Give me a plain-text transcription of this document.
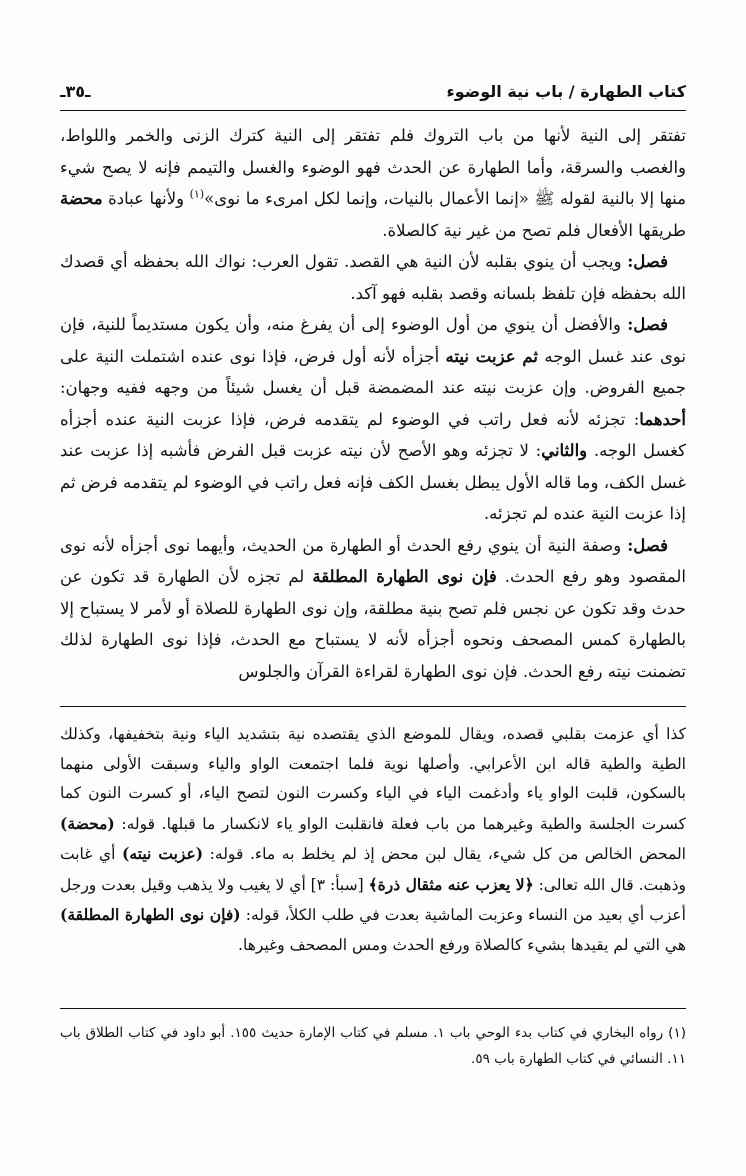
كتاب الطهارة / باب نية الوضوء
ـ٣٥ـ

تفتقر إلى النية لأنها من باب التروك فلم تفتقر إلى النية كترك الزنى والخمر واللواط، والغصب والسرقة، وأما الطهارة عن الحدث فهو الوضوء والغسل والتيمم فإنه لا يصح شيء منها إلا بالنية لقوله ﷺ «إنما الأعمال بالنيات، وإنما لكل امرىء ما نوى»$^{(١)}$ ولأنها عبادة محضة طريقها الأفعال فلم تصح من غير نية كالصلاة.

فصل: ويجب أن ينوي بقلبه لأن النية هي القصد. تقول العرب: نواك الله بحفظه أي قصدك الله بحفظه فإن تلفظ بلسانه وقصد بقلبه فهو آكد.

فصل: والأفضل أن ينوي من أول الوضوء إلى أن يفرغ منه، وأن يكون مستديماً للنية، فإن نوى عند غسل الوجه ثم عزبت نيته أجزأه لأنه أول فرض، فإذا نوى عنده اشتملت النية على جميع الفروض. وإن عزبت نيته عند المضمضة قبل أن يغسل شيئاً من وجهه ففيه وجهان: أحدهما: تجزئه لأنه فعل راتب في الوضوء لم يتقدمه فرض، فإذا عزبت النية عنده أجزأه كغسل الوجه. والثاني: لا تجزئه وهو الأصح لأن نيته عزبت قبل الفرض فأشبه إذا عزبت عند غسل الكف، وما قاله الأول يبطل بغسل الكف فإنه فعل راتب في الوضوء لم يتقدمه فرض ثم إذا عزبت النية عنده لم تجزئه.

فصل: وصفة النية أن ينوي رفع الحدث أو الطهارة من الحديث، وأيهما نوى أجزأه لأنه نوى المقصود وهو رفع الحدث. فإن نوى الطهارة المطلقة لم تجزه لأن الطهارة قد تكون عن حدث وقد تكون عن نجس فلم تصح بنية مطلقة، وإن نوى الطهارة للصلاة أو لأمر لا يستباح إلا بالطهارة كمس المصحف ونحوه أجزأه لأنه لا يستباح مع الحدث، فإذا نوى الطهارة لذلك تضمنت نيته رفع الحدث. فإن نوى الطهارة لقراءة القرآن والجلوس

كذا أي عزمت بقلبي قصده، ويقال للموضع الذي يقتصده نية بتشديد الياء ونية بتخفيفها، وكذلك الطية والطية قاله ابن الأعرابي. وأصلها نوية فلما اجتمعت الواو والياء وسبقت الأولى منهما بالسكون، قلبت الواو ياء وأدغمت الياء في الياء وكسرت النون لتصح الياء، أو كسرت النون كما كسرت الجلسة والطية وغيرهما من باب فعلة فانقلبت الواو ياء لانكسار ما قبلها. قوله: (محضة) المحض الخالص من كل شيء، يقال لبن محض إذ لم يخلط به ماء. قوله: (عزبت نيته) أي غابت وذهبت. قال الله تعالى: ﴿لا يعزب عنه مثقال ذرة﴾ [سبأ: ٣] أي لا يغيب ولا يذهب وقيل بعدت ورجل أعزب أي بعيد من النساء وعزبت الماشية بعدت في طلب الكلأ، قوله: (فإن نوى الطهارة المطلقة) هي التي لم يقيدها بشيء كالصلاة ورفع الحدث ومس المصحف وغيرها.

(١) رواه البخاري في كتاب بدء الوحي باب ١. مسلم في كتاب الإمارة حديث ١٥٥. أبو داود في كتاب الطلاق باب ١١. النسائي في كتاب الطهارة باب ٥٩.
